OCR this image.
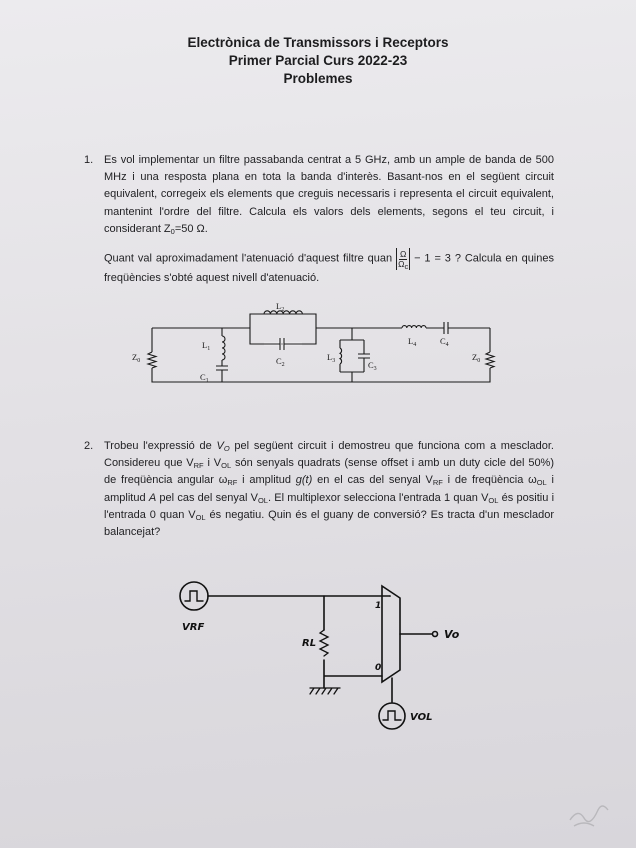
Electrònica de Transmissors i Receptors
Primer Parcial Curs 2022-23
Problemes
1. Es vol implementar un filtre passabanda centrat a 5 GHz, amb un ample de banda de 500 MHz i una resposta plana en tota la banda d'interès. Basant-nos en el següent circuit equivalent, corregeix els elements que creguis necessaris i representa el circuit equivalent, mantenint l'ordre del filtre. Calcula els valors dels elements, segons el teu circuit, i considerant $Z_0=50$ Ω.

Quant val aproximadament l'atenuació d'aquest filtre quan $\frac{\Omega}{\Omega_c} - 1 = 3$ ? Calcula en quines freqüències s'obté aquest nivell d'atenuació.

$Z_0$
$L_1$
$C_1$
$L_2$
$C_2$
$L_3$	$C_3$
$L_4$	$C_4$
$Z_0$
2. Trobeu l'expressió de $V_O$ pel següent circuit i demostreu que funciona com a mesclador. Considereu que $V_{RF}$ i $V_{OL}$ són senyals quadrats (sense offset i amb un duty cicle del 50%) de freqüència angular $\omega_{RF}$ i amplitud g(t) en el cas del senyal $V_{RF}$ i de freqüència $\omega_{OL}$ i amplitud A pel cas del senyal $V_{OL}$. El multiplexor selecciona l'entrada 1 quan $V_{OL}$ és positiu i l'entrada 0 quan $V_{OL}$ és negatiu. Quin és el guany de conversió? Es tracta d'un mesclador balancejat?

1
0
VRF
RL
Vo
VOL
